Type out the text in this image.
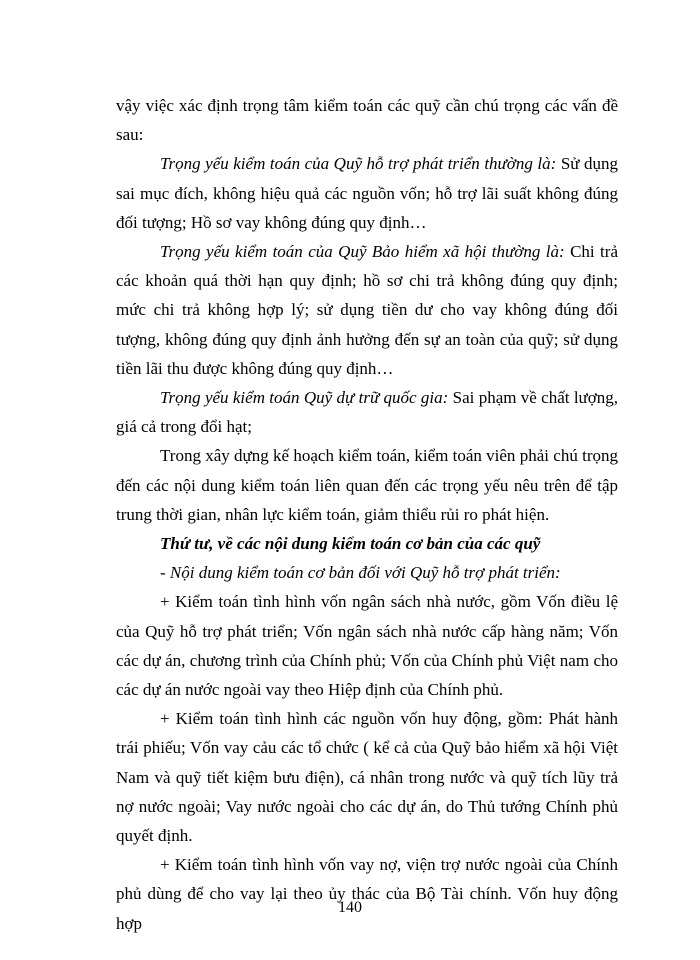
vậy việc xác định trọng tâm kiểm toán các quỹ cần chú trọng các vấn đề sau:

Trọng yếu kiểm toán của Quỹ hỗ trợ phát triển thường là: Sử dụng sai mục đích, không hiệu quả các nguồn vốn; hỗ trợ lãi suất không đúng đối tượng; Hồ sơ vay không đúng quy định…

Trọng yếu kiểm toán của Quỹ Bảo hiểm xã hội thường là: Chi trả các khoản quá thời hạn quy định; hồ sơ chi trả không đúng quy định; mức chi trả không hợp lý; sử dụng tiền dư cho vay không đúng đối tượng, không đúng quy định ảnh hưởng đến sự an toàn của quỹ; sử dụng tiền lãi thu được không đúng quy định…

Trọng yếu kiểm toán Quỹ dự trữ quốc gia: Sai phạm về chất lượng, giá cả trong đổi hạt;

Trong xây dựng kế hoạch kiểm toán, kiểm toán viên phải chú trọng đến các nội dung kiểm toán liên quan đến các trọng yếu nêu trên để tập trung thời gian, nhân lực kiểm toán, giảm thiểu rủi ro phát hiện.

Thứ tư, về các nội dung kiểm toán cơ bản của các quỹ

- Nội dung kiểm toán cơ bản đối với Quỹ hỗ trợ phát triển:

+ Kiểm toán tình hình vốn ngân sách nhà nước, gồm Vốn điều lệ của Quỹ hỗ trợ phát triển; Vốn ngân sách nhà nước cấp hàng năm; Vốn các dự án, chương trình của Chính phủ; Vốn của Chính phủ Việt nam cho các dự án nước ngoài vay theo Hiệp định của Chính phủ.

+ Kiểm toán tình hình các nguồn vốn huy động, gồm: Phát hành trái phiếu; Vốn vay cảu các tổ chức ( kể cả của Quỹ bảo hiểm xã hội Việt Nam và quỹ tiết kiệm bưu điện), cá nhân trong nước và quỹ tích lũy trả nợ nước ngoài; Vay nước ngoài cho các dự án, do Thủ tướng Chính phủ quyết định.

+ Kiểm toán tình hình vốn vay nợ, viện trợ nước ngoài của Chính phủ dùng để cho vay lại theo ủy thác của Bộ Tài chính. Vốn huy động hợp

140
